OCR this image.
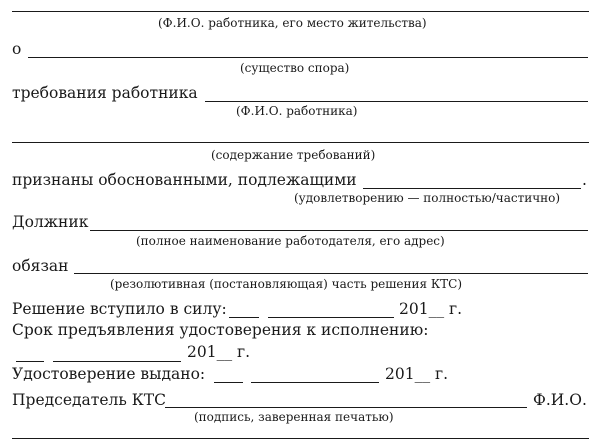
(Ф.И.О. работника, его место жительства)
о
(существо спора)
требования работника
(Ф.И.О. работника)
(содержание требований)
признаны обоснованными, подлежащими	.
(удовлетворению — полностью/частично)
Должник
(полное наименование работодателя, его адрес)
обязан
(резолютивная (постановляющая) часть решения КТС)
Решение вступило в силу:	201__ г.
Срок предъявления удостоверения к исполнению:
201__ г.
Удостоверение выдано:	201__ г.
Председатель КТС	Ф.И.О.
(подпись, заверенная печатью)
